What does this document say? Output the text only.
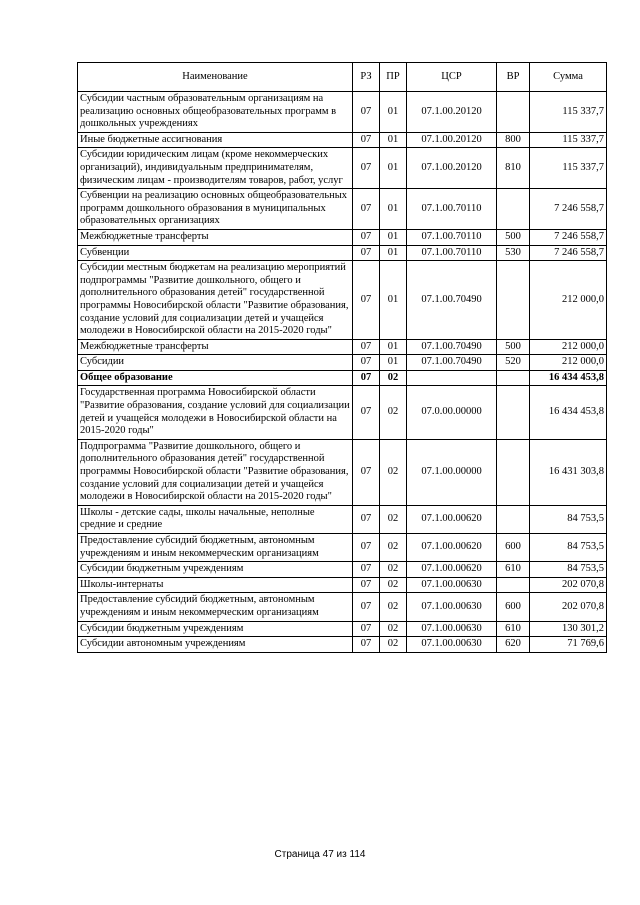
Наименование	РЗ	ПР	ЦСР	ВР	Сумма
Субсидии частным образовательным организациям на реализацию основных общеобразовательных программ в дошкольных учреждениях	07	01	07.1.00.20120		115 337,7
Иные бюджетные ассигнования	07	01	07.1.00.20120	800	115 337,7
Субсидии юридическим лицам (кроме некоммерческих организаций), индивидуальным предпринимателям, физическим лицам - производителям товаров, работ, услуг	07	01	07.1.00.20120	810	115 337,7
Субвенции на реализацию основных общеобразовательных программ дошкольного образования в муниципальных образовательных организациях	07	01	07.1.00.70110		7 246 558,7
Межбюджетные трансферты	07	01	07.1.00.70110	500	7 246 558,7
Субвенции	07	01	07.1.00.70110	530	7 246 558,7
Субсидии местным бюджетам на реализацию мероприятий подпрограммы "Развитие дошкольного, общего и дополнительного образования детей" государственной программы Новосибирской области "Развитие образования, создание условий для социализации детей и учащейся молодежи в Новосибирской области на 2015-2020 годы"	07	01	07.1.00.70490		212 000,0
Межбюджетные трансферты	07	01	07.1.00.70490	500	212 000,0
Субсидии	07	01	07.1.00.70490	520	212 000,0
Общее образование	07	02			16 434 453,8
Государственная программа Новосибирской области "Развитие образования, создание условий для социализации детей и учащейся молодежи в Новосибирской области на 2015-2020 годы"	07	02	07.0.00.00000		16 434 453,8
Подпрограмма "Развитие дошкольного, общего и дополнительного образования детей" государственной программы Новосибирской области "Развитие образования, создание условий для социализации детей и учащейся молодежи в Новосибирской области на 2015-2020 годы"	07	02	07.1.00.00000		16 431 303,8
Школы - детские сады, школы начальные, неполные средние и средние	07	02	07.1.00.00620		84 753,5
Предоставление субсидий бюджетным, автономным учреждениям и иным некоммерческим организациям	07	02	07.1.00.00620	600	84 753,5
Субсидии бюджетным учреждениям	07	02	07.1.00.00620	610	84 753,5
Школы-интернаты	07	02	07.1.00.00630		202 070,8
Предоставление субсидий бюджетным, автономным учреждениям и иным некоммерческим организациям	07	02	07.1.00.00630	600	202 070,8
Субсидии бюджетным учреждениям	07	02	07.1.00.00630	610	130 301,2
Субсидии автономным учреждениям	07	02	07.1.00.00630	620	71 769,6
Страница 47 из 114
